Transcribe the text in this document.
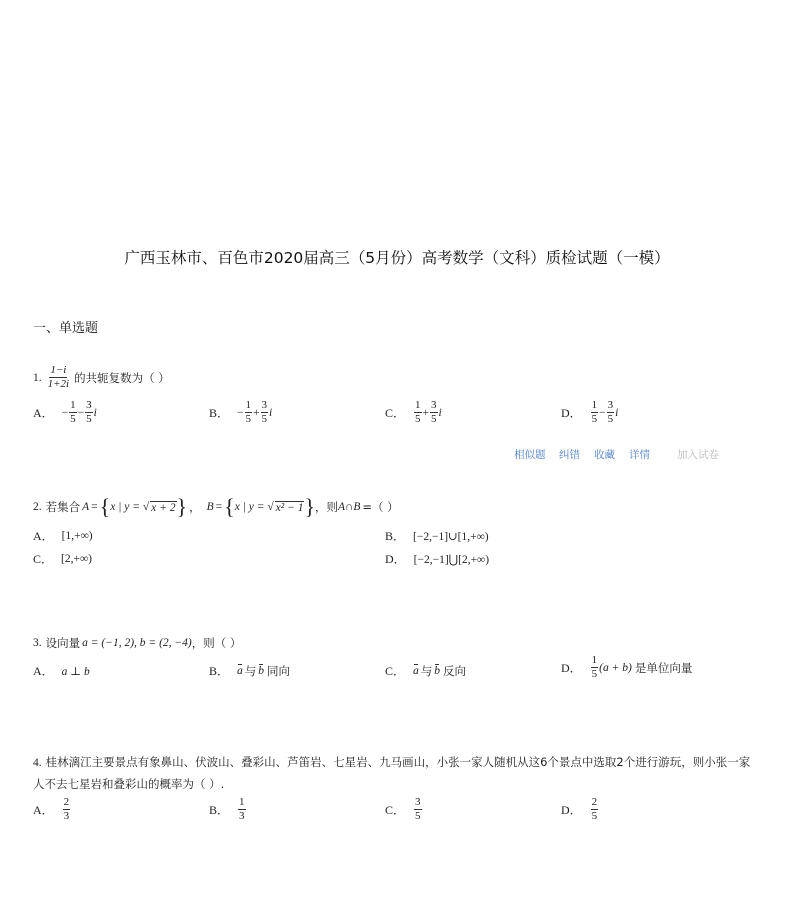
广西玉林市、百色市2020届高三（5月份）高考数学（文科）质检试题（一模）
一、单选题
1. $\frac{1-i}{1+2i}$ 的共轭复数为（ ）
A． − $\frac{1}{5} - \frac{3}{5}$ i	B． − $\frac{1}{5} + \frac{3}{5}$ i	C． $\frac{1}{5} + \frac{3}{5}$ i	D． $\frac{1}{5} - \frac{3}{5}$ i
相似题 纠错 收藏 详情	加入试卷
2. 若集合 A = { x | y = √ x + 2 } ， B = { x | y = √ x² − 1 } ，则 A∩B =（ ）
A． [1,+∞)	B． [−2,−1]∪[1,+∞)
C． [2,+∞)	D． [−2,−1]⋃[2,+∞)
3. 设向量 a = (−1, 2), b = (2, −4) ，则（ ）
A． a ⊥ b	B． a 与 b 同向	C． a 与 b 反向	D． $\frac{1}{5} (a + b)$ 是单位向量
4. 桂林漓江主要景点有象鼻山、伏波山、叠彩山、芦笛岩、七星岩、九马画山，小张一家人随机从这6个景点中选取2个进行游玩，则小张一家
人不去七星岩和叠彩山的概率为（ ）.
A． $\frac{2}{3}$	B． $\frac{1}{3}$	C． $\frac{3}{5}$	D． $\frac{2}{5}$
